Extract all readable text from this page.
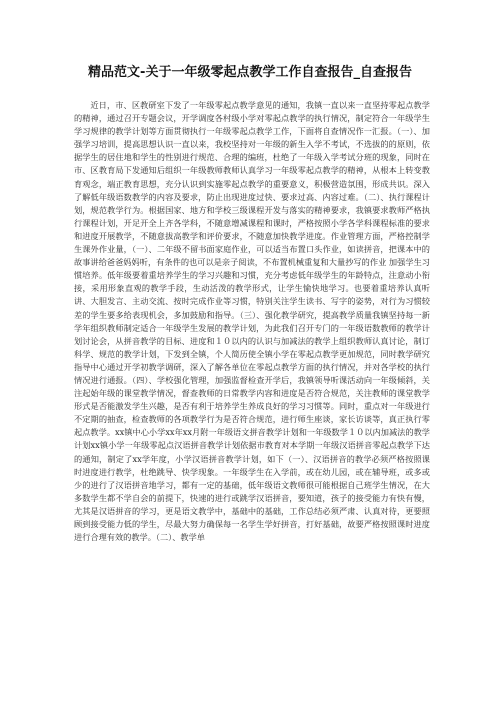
精品范文-关于一年级零起点教学工作自查报告_自查报告

近日，市、区教研室下发了一年级零起点教学意见的通知，我镇一直以来一直坚持零起点教学的精神，通过召开专题会议，开学调度各村级小学对零起点教学的执行情况，制定符合一年级学生学习规律的教学计划等方面贯彻执行一年级零起点教学工作，下面将自查情况作一汇报。（一）、加强学习培训，提高思想认识一直以来，我校坚持对一年级的新生入学不考试，不选拔的的原则，依据学生的居住地和学生的性别进行规范、合理的编班，杜绝了一年级入学考试分班的现象，同时在市、区教育局下发通知后组织一年级教师教师认真学习一年级零起点教学的精神，从根本上转变教育观念，端正教育思想，充分认识到实施零起点教学的重要意义，积极营造氛围，形成共识。深入了解低年级语数教学的内容及要求，防止出现进度过快、要求过高、内容过难。（二）、执行课程计划，规范教学行为。根据国家、地方和学校三级课程开发与落实的精神要求，我镇要求教师严格执行课程计划，开足开全上齐各学科，不随意增减课程和课时，严格按照小学各学科课程标准的要求和进度开展教学，不随意拔高教学和评价要求，不随意加快教学进度。作业管理方面，严格控制学生课外作业量，（一）、二年级不留书面家庭作业，可以适当布置口头作业，如读拼音，把课本中的故事讲给爸爸妈妈听，有条件的也可以是亲子阅读，不布置机械重复和大量抄写的作业 加强学生习惯培养。低年级要着重培养学生的学习兴趣和习惯，充分考虑低年级学生的年龄特点，注意动小衔接，采用形象直观的教学手段，生动活泼的教学形式，让学生愉快地学习。也要着重培养认真听讲、大胆发言、主动交流、按时完成作业等习惯，特别关注学生读书、写字的姿势，对行为习惯较差的学生要多给表现机会，多加鼓励和指导。（三）、强化教学研究，提高教学质量我镇坚持每一新学年组织教师制定适合一年级学生发展的教学计划，为此我们召开专门的一年级语数教师的教学计划讨论会，从拼音教学的目标、进度和１０以内的认识与加减法的教学上组织教师认真讨论，制订科学、规范的教学计划，下发到全镇，个人简历使全镇小学在零起点教学更加规范，同时教学研究指导中心通过开学初教学调研，深入了解各单位在零起点教学方面的执行情况，并对各学校的执行情况进行通报。（四）、学校强化管理，加强监督检查开学后，我镇领导听课活动向一年级倾斜，关注起始年级的课堂教学情况，督查教师的日常教学内容和进度是否符合规范，关注教师的课堂教学形式是否能激发学生兴趣，是否有利于培养学生养成良好的学习习惯等。同时，重点对一年级进行不定期的抽查，检查教师的各项教学行为是否符合规范，进行师生座谈，家长访谈等，真正执行零起点教学。xx镇中心小学xx年xx月附一年级语文拼音教学计划和一年级数学１０以内加减法的教学计划xx镇小学一年级零起点汉语拼音教学计划依据市教育对本学期一年级汉语拼音零起点教学下达的通知，制定了xx学年度，小学汉语拼音教学计划，如下（一）、汉语拼音的教学必须严格按照课时进度进行教学，杜绝跳导、快学现象。一年级学生在入学前，或在幼儿园，或在辅导班，或多或少的进行了汉语拼音地学习，都有一定的基础，低年级语文教师很可能根据自己班学生情况，在大多数学生都不学自会的前提下，快速的进行或跳学汉语拼音，要知道，孩子的接受能力有快有慢，尤其是汉语拼音的学习，更是语文教学中，基础中的基础，工作总结必须严肃、认真对待，更要照顾到接受能力低的学生，尽最大努力确保每一名学生学好拼音，打好基础，故要严格按照课时进度进行合理有效的教学。（二）、教学单
